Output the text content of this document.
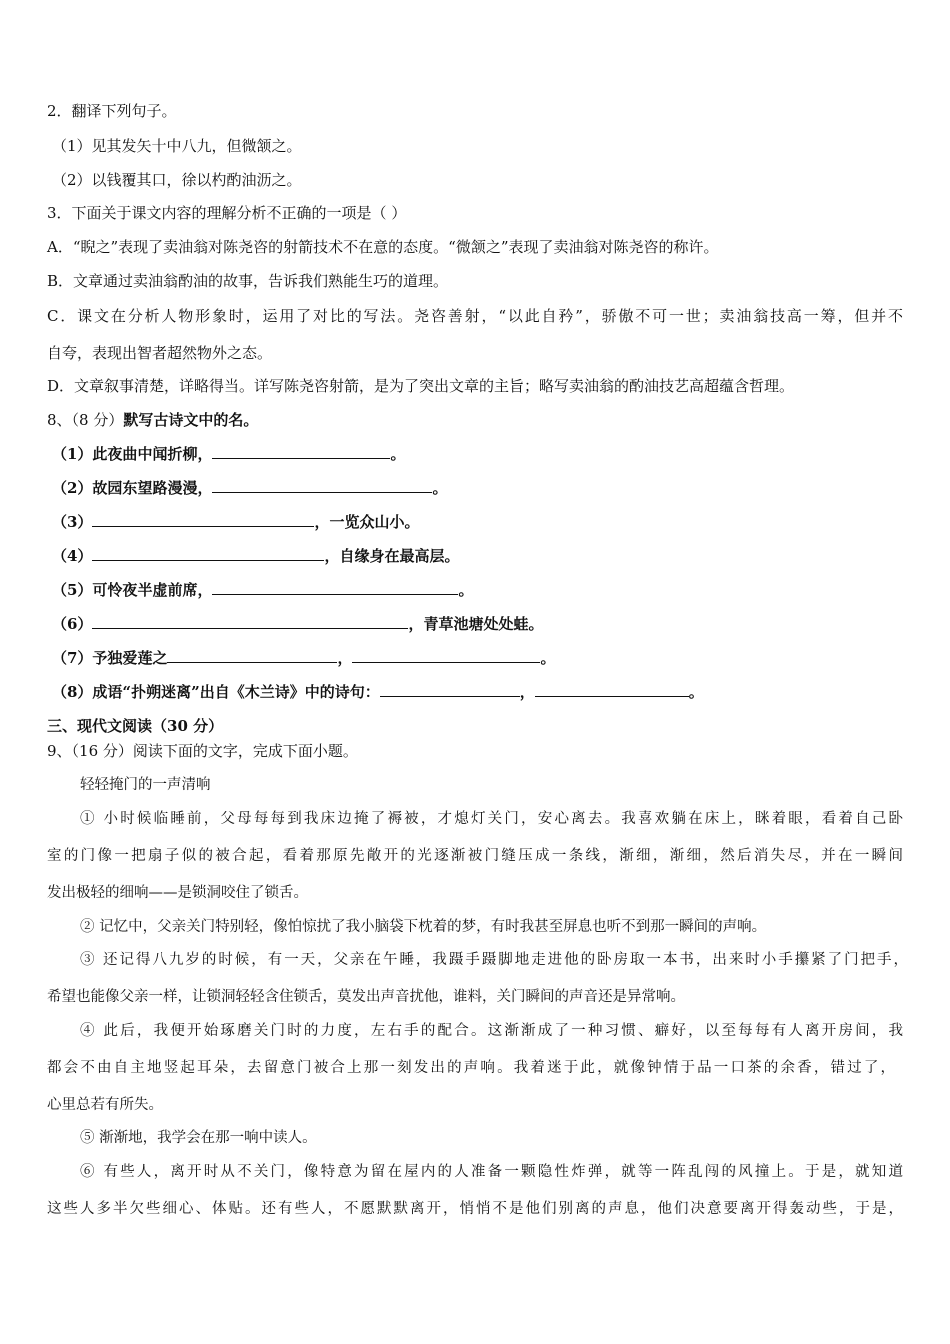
2．翻译下列句子。
（1）见其发矢十中八九，但微颔之。
（2）以钱覆其口，徐以杓酌油沥之。
3．下面关于课文内容的理解分析不正确的一项是（ ）
A．“睨之”表现了卖油翁对陈尧咨的射箭技术不在意的态度。“微颔之”表现了卖油翁对陈尧咨的称许。
B．文章通过卖油翁酌油的故事，告诉我们熟能生巧的道理。
C．课文在分析人物形象时，运用了对比的写法。尧咨善射，“以此自矜”，骄傲不可一世；卖油翁技高一筹，但并不
自夸，表现出智者超然物外之态。
D．文章叙事清楚，详略得当。详写陈尧咨射箭，是为了突出文章的主旨；略写卖油翁的酌油技艺高超蕴含哲理。
8、（8 分）默写古诗文中的名。
（1）此夜曲中闻折柳，	。
（2）故园东望路漫漫，	。
（3）	，一览众山小。
（4）	，自缘身在最高层。
（5）可怜夜半虚前席，	。
（6）	，青草池塘处处蛙。
（7）予独爱莲之	，	。
（8）成语“扑朔迷离”出自《木兰诗》中的诗句：	，	。
三、现代文阅读（30 分）
9、（16 分）阅读下面的文字，完成下面小题。
轻轻掩门的一声清响
① 小时候临睡前，父母每每到我床边掩了褥被，才熄灯关门，安心离去。我喜欢躺在床上，眯着眼，看着自己卧
室的门像一把扇子似的被合起，看着那原先敞开的光逐渐被门缝压成一条线，渐细，渐细，然后消失尽，并在一瞬间
发出极轻的细响——是锁洞咬住了锁舌。
② 记忆中，父亲关门特别轻，像怕惊扰了我小脑袋下枕着的梦，有时我甚至屏息也听不到那一瞬间的声响。
③ 还记得八九岁的时候，有一天，父亲在午睡，我蹑手蹑脚地走进他的卧房取一本书，出来时小手攥紧了门把手，
希望也能像父亲一样，让锁洞轻轻含住锁舌，莫发出声音扰他，谁料，关门瞬间的声音还是异常响。
④ 此后，我便开始琢磨关门时的力度，左右手的配合。这渐渐成了一种习惯、癖好，以至每每有人离开房间，我
都会不由自主地竖起耳朵，去留意门被合上那一刻发出的声响。我着迷于此，就像钟情于品一口茶的余香，错过了，
心里总若有所失。
⑤ 渐渐地，我学会在那一响中读人。
⑥ 有些人，离开时从不关门，像特意为留在屋内的人准备一颗隐性炸弹，就等一阵乱闯的风撞上。于是，就知道
这些人多半欠些细心、体贴。还有些人，不愿默默离开，悄悄不是他们别离的声息，他们决意要离开得轰动些，于是，
